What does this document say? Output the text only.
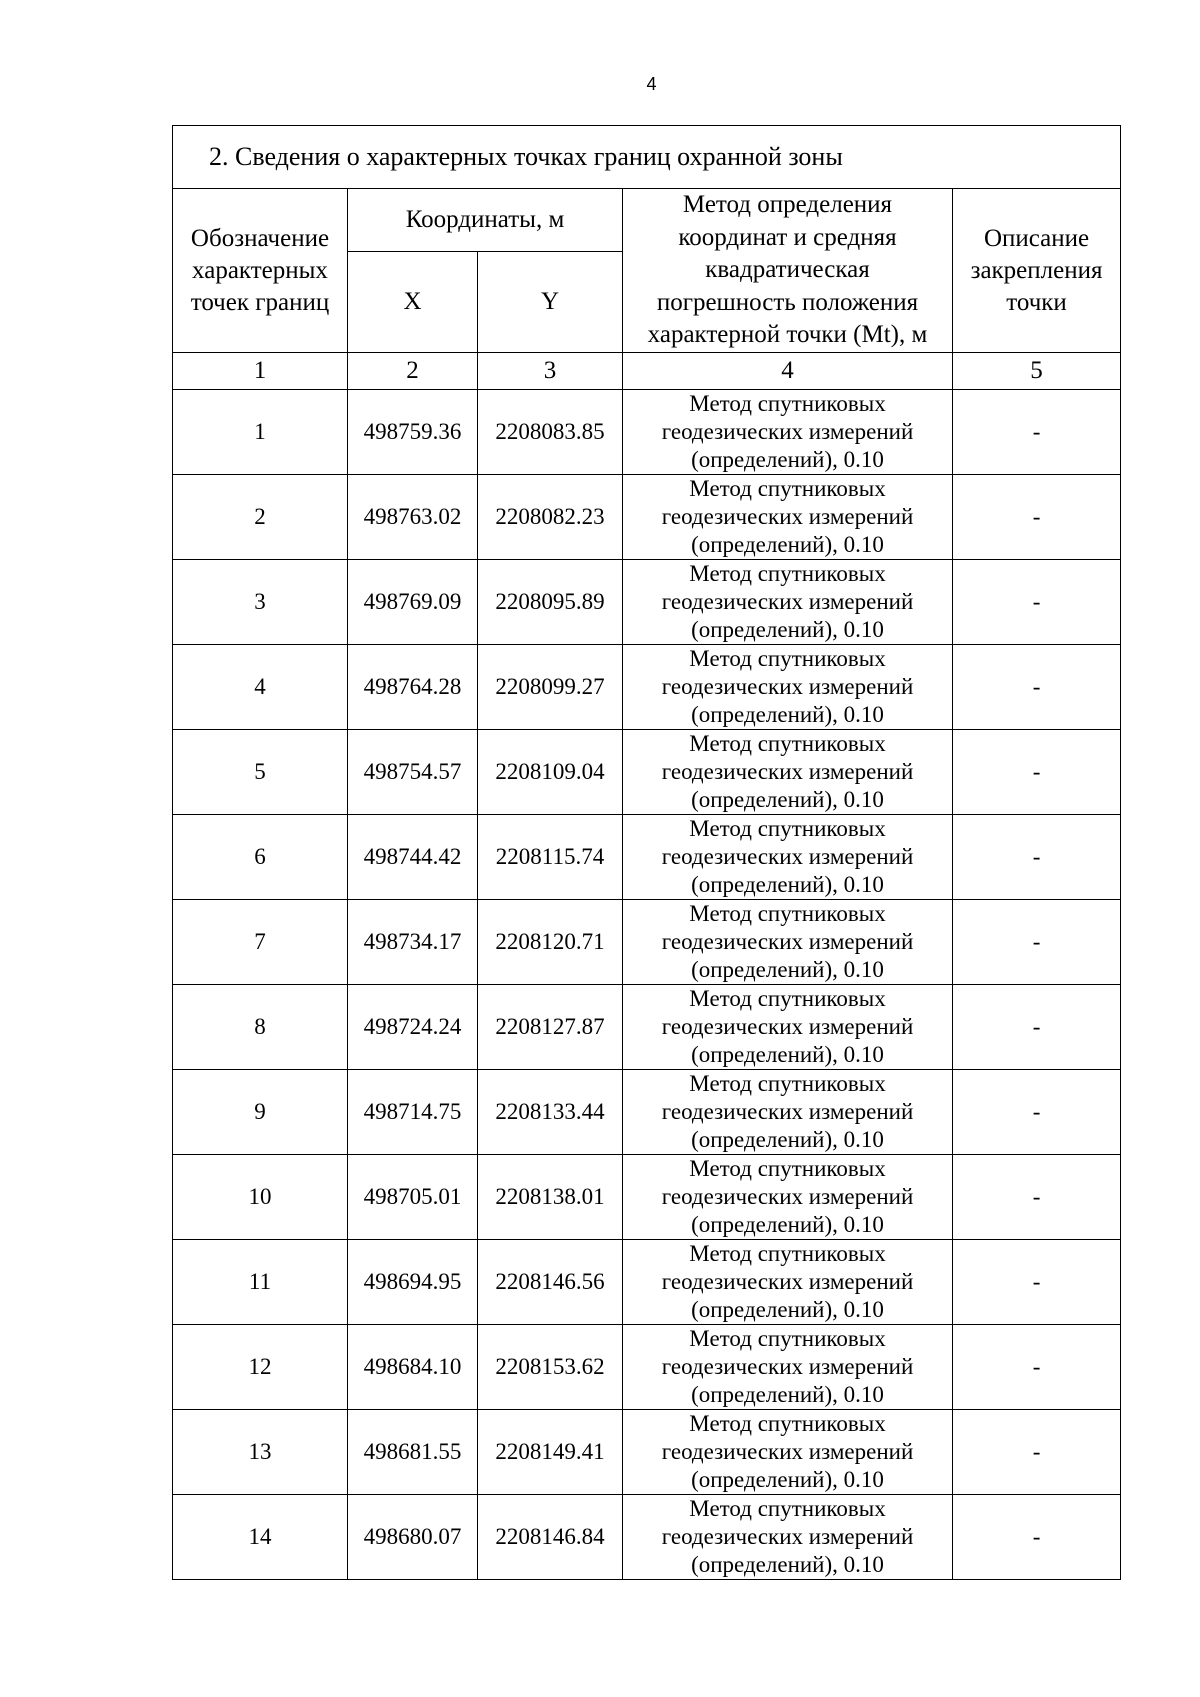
4
2. Сведения о характерных точках границ охранной зоны				

Обозначение
характерных
точек границ	Координаты, м		Метод определения
координат и средняя
квадратическая
погрешность положения
характерной точки (Mt), м	Описание
закрепления
точки

	X	Y		
1	2	3	4	5
1	498759.36	2208083.85	Метод спутниковых
геодезических измерений
(определений), 0.10	-
2	498763.02	2208082.23	Метод спутниковых
геодезических измерений
(определений), 0.10	-
3	498769.09	2208095.89	Метод спутниковых
геодезических измерений
(определений), 0.10	-
4	498764.28	2208099.27	Метод спутниковых
геодезических измерений
(определений), 0.10	-
5	498754.57	2208109.04	Метод спутниковых
геодезических измерений
(определений), 0.10	-
6	498744.42	2208115.74	Метод спутниковых
геодезических измерений
(определений), 0.10	-
7	498734.17	2208120.71	Метод спутниковых
геодезических измерений
(определений), 0.10	-
8	498724.24	2208127.87	Метод спутниковых
геодезических измерений
(определений), 0.10	-
9	498714.75	2208133.44	Метод спутниковых
геодезических измерений
(определений), 0.10	-
10	498705.01	2208138.01	Метод спутниковых
геодезических измерений
(определений), 0.10	-
11	498694.95	2208146.56	Метод спутниковых
геодезических измерений
(определений), 0.10	-
12	498684.10	2208153.62	Метод спутниковых
геодезических измерений
(определений), 0.10	-
13	498681.55	2208149.41	Метод спутниковых
геодезических измерений
(определений), 0.10	-
14	498680.07	2208146.84	Метод спутниковых
геодезических измерений
(определений), 0.10	-
